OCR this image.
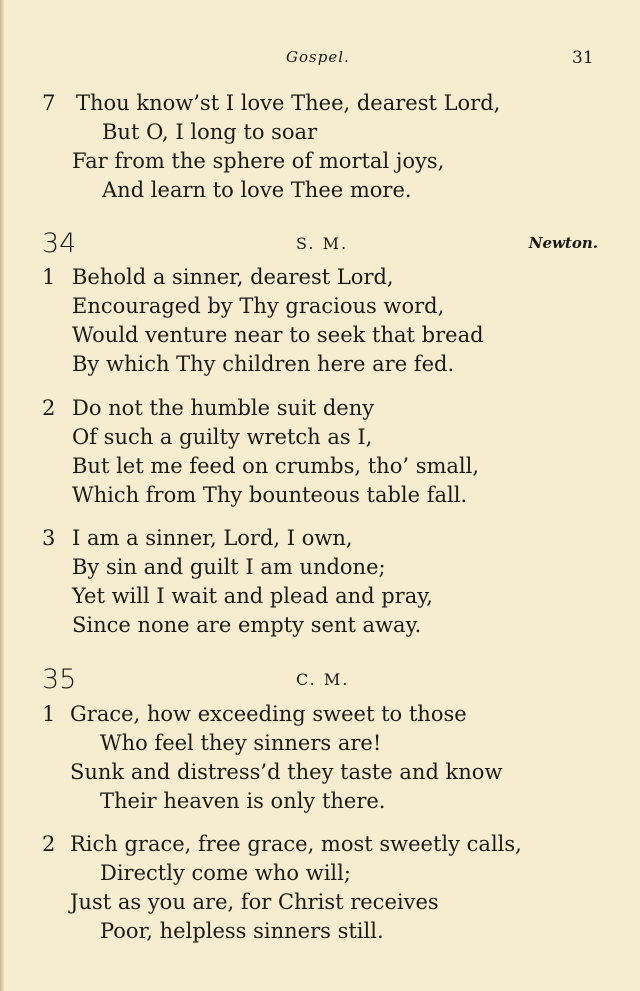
Gospel.	31
7 Thou know’st I love Thee, dearest Lord,
But O, I long to soar
Far from the sphere of mortal joys,
And learn to love Thee more.
34	S. M.	Newton.
1 Behold a sinner, dearest Lord,
Encouraged by Thy gracious word,
Would venture near to seek that bread
By which Thy children here are fed.
2 Do not the humble suit deny
Of such a guilty wretch as I,
But let me feed on crumbs, tho’ small,
Which from Thy bounteous table fall.
3 I am a sinner, Lord, I own,
By sin and guilt I am undone;
Yet will I wait and plead and pray,
Since none are empty sent away.
35	C. M.
1 Grace, how exceeding sweet to those
Who feel they sinners are!
Sunk and distress’d they taste and know
Their heaven is only there.
2 Rich grace, free grace, most sweetly calls,
Directly come who will;
Just as you are, for Christ receives
Poor, helpless sinners still.
